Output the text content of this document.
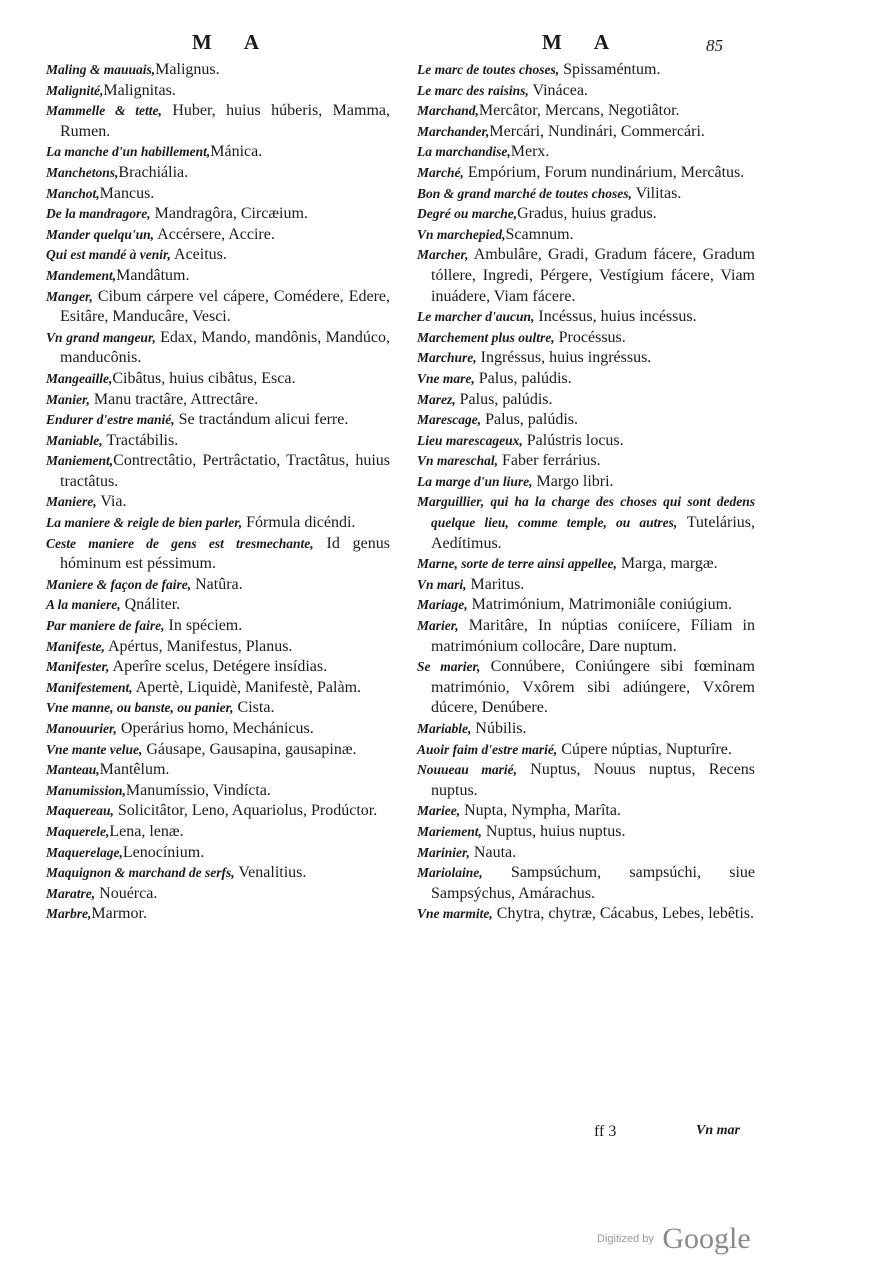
M A	M A	85

Maling & mauuais,Malignus.

Malignité,Malignitas.

Mammelle & tette, Huber, huius húberis, Mamma, Rumen.

La manche d'un habillement,Mánica.

Manchetons,Brachiália.

Manchot,Mancus.

De la mandragore, Mandragôra, Circæium.

Mander quelqu'un, Accérsere, Accire.

Qui est mandé à venir, Aceitus.

Mandement,Mandâtum.

Manger, Cibum cárpere vel cápere, Comédere, Edere, Esitâre, Manducâre, Vesci.

Vn grand mangeur, Edax, Mando, mandônis, Mandúco, manducônis.

Mangeaille,Cibâtus, huius cibâtus, Esca.

Manier, Manu tractâre, Attrectâre.

Endurer d'estre manié, Se tractándum alicui ferre.

Maniable, Tractábilis.

Maniement,Contrectâtio, Pertrâctatio, Tractâtus, huius tractâtus.

Maniere, Via.

La maniere & reigle de bien parler, Fórmula dicéndi.

Ceste maniere de gens est tresmechante, Id genus hóminum est péssimum.

Maniere & façon de faire, Natûra.

A la maniere, Qnáliter.

Par maniere de faire, In spéciem.

Manifeste, Apértus, Manifestus, Planus.

Manifester, Aperîre scelus, Detégere insídias.

Manifestement, Apertè, Liquidè, Manifestè, Palàm.

Vne manne, ou banste, ou panier, Cista.

Manouurier, Operárius homo, Mechánicus.

Vne mante velue, Gáusape, Gausapina, gausapinæ.

Manteau,Mantêlum.

Manumission,Manumíssio, Vindícta.

Maquereau, Solicitâtor, Leno, Aquariolus, Prodúctor.

Maquerele,Lena, lenæ.

Maquerelage,Lenocínium.

Maquignon & marchand de serfs, Venalitius.

Maratre, Nouérca.

Marbre,Marmor.

Le marc de toutes choses, Spissaméntum.

Le marc des raisins, Vinácea.

Marchand,Mercâtor, Mercans, Negotiâtor.

Marchander,Mercári, Nundinári, Commercári.

La marchandise,Merx.

Marché, Empórium, Forum nundinárium, Mercâtus.

Bon & grand marché de toutes choses, Vilitas.

Degré ou marche,Gradus, huius gradus.

Vn marchepied,Scamnum.

Marcher, Ambulâre, Gradi, Gradum fácere, Gradum tóllere, Ingredi, Pérgere, Vestígium fácere, Viam inuádere, Viam fácere.

Le marcher d'aucun, Incéssus, huius incéssus.

Marchement plus oultre, Procéssus.

Marchure, Ingréssus, huius ingréssus.

Vne mare, Palus, palúdis.

Marez, Palus, palúdis.

Marescage, Palus, palúdis.

Lieu marescageux, Palústris locus.

Vn mareschal, Faber ferrárius.

La marge d'un liure, Margo libri.

Marguillier, qui ha la charge des choses qui sont dedens quelque lieu, comme temple, ou autres, Tutelárius, Aedítimus.

Marne, sorte de terre ainsi appellee, Marga, margæ.

Vn mari, Maritus.

Mariage, Matrimónium, Matrimoniâle coniúgium.

Marier, Maritâre, In núptias coniícere, Fíliam in matrimónium collocâre, Dare nuptum.

Se marier, Connúbere, Coniúngere sibi fœminam matrimónio, Vxôrem sibi adiúngere, Vxôrem dúcere, Denúbere.

Mariable, Núbilis.

Auoir faim d'estre marié, Cúpere núptias, Nupturîre.

Nouueau marié, Nuptus, Nouus nuptus, Recens nuptus.

Mariee, Nupta, Nympha, Marîta.

Mariement, Nuptus, huius nuptus.

Marinier, Nauta.

Mariolaine, Sampsúchum, sampsúchi, siue Sampsýchus, Amárachus.

Vne marmite, Chytra, chytræ, Cácabus, Lebes, lebêtis.

ff 3	Vn mar
Digitized by Google
